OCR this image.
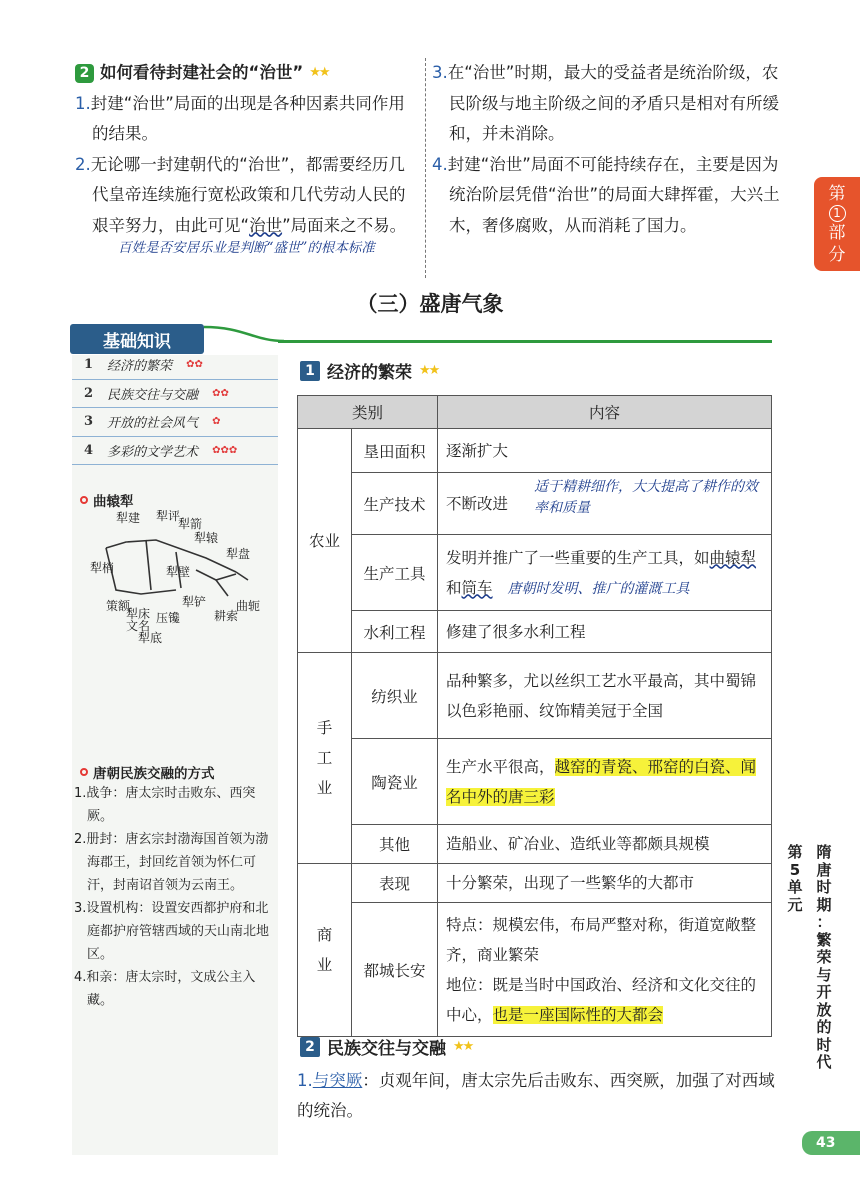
2 如何看待封建社会的“治世” ★★
1.封建“治世”局面的出现是各种因素共同作用的结果。
2.无论哪一封建朝代的“治世”，都需要经历几代皇帝连续施行宽松政策和几代劳动人民的艰辛努力，由此可见“治世”局面来之不易。
百姓是否安居乐业是判断“盛世”的根本标准
3.在“治世”时期，最大的受益者是统治阶级，农民阶级与地主阶级之间的矛盾只是相对有所缓和，并未消除。
4.封建“治世”局面不可能持续存在，主要是因为统治阶层凭借“治世”的局面大肆挥霍，大兴土木，奢侈腐败，从而消耗了国力。
第
1
部
分
（三）盛唐气象
基础知识
1 经济的繁荣 ✿✿
2 民族交往与交融 ✿✿
3 开放的社会风气 ✿
4 多彩的文学艺术 ✿✿✿
曲辕犁
犁建 犁评
犁箭
犁辕
犁梢
犁盘
犁壁
犁铲
策额
犁床 压镵
犁底
文名
耕索
曲轭
唐朝民族交融的方式
1.战争：唐太宗时击败东、西突厥。
2.册封：唐玄宗封渤海国首领为渤海郡王，封回纥首领为怀仁可汗，封南诏首领为云南王。
3.设置机构：设置安西都护府和北庭都护府管辖西域的天山南北地区。
4.和亲：唐太宗时，文成公主入藏。
1 经济的繁荣 ★★
类别		内容
农业	垦田面积	逐渐扩大
	生产技术	不断改进
适于精耕细作，大大提高了耕作的效率和质量

	生产工具	发明并推广了一些重要的生产工具，如曲辕犁和筒车 唐朝时发明、推广的灌溉工具
	水利工程	修建了很多水利工程
手工业	纺织业	品种繁多，尤以丝织工艺水平最高，其中蜀锦以色彩艳丽、纹饰精美冠于全国
	陶瓷业	生产水平很高，越窑的青瓷、邢窑的白瓷、闻名中外的唐三彩
	其他	造船业、矿冶业、造纸业等都颇具规模
商业	表现	十分繁荣，出现了一些繁华的大都市
	都城长安	特点：规模宏伟，布局严整对称，街道宽敞整齐，商业繁荣
地位：既是当时中国政治、经济和文化交往的中心，也是一座国际性的大都会
2 民族交往与交融 ★★
1.与突厥：贞观年间，唐太宗先后击败东、西突厥，加强了对西域的统治。
第
5
单
元
隋
唐
时
期
：
繁
荣
与
开
放
的
时
代
43
